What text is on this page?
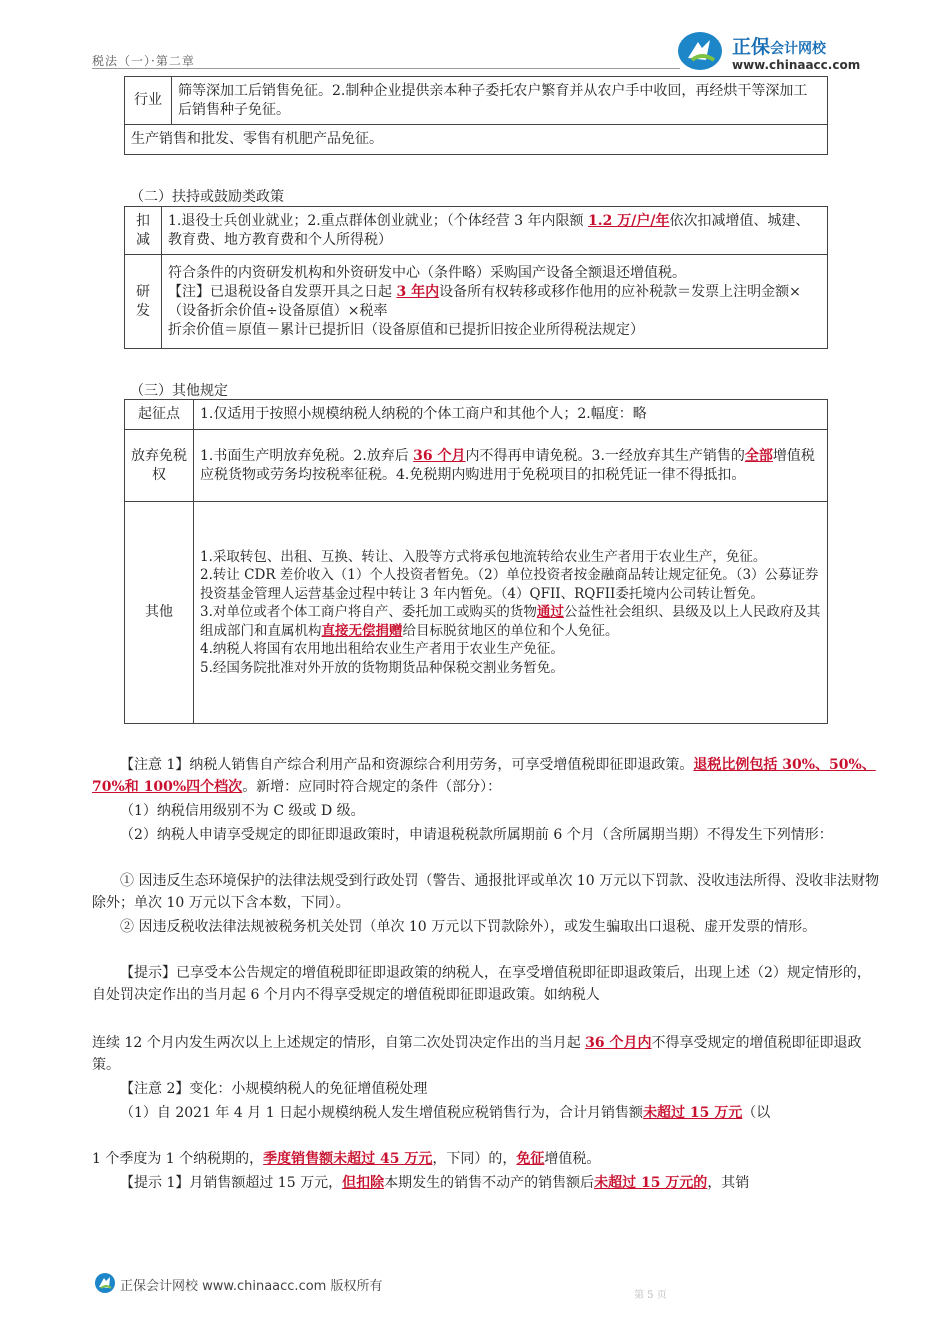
税法（一）·第二章
正保会计网校
www.chinaacc.com
行业	筛等深加工后销售免征。2.制种企业提供亲本种子委托农户繁育并从农户手中收回，再经烘干等深加工后销售种子免征。
生产销售和批发、零售有机肥产品免征。
（二）扶持或鼓励类政策
扣减	1.退役士兵创业就业；2.重点群体创业就业；（个体经营 3 年内限额 1.2 万/户/年依次扣减增值、城建、教育费、地方教育费和个人所得税）
研发	符合条件的内资研发机构和外资研发中心（条件略）采购国产设备全额退还增值税。
【注】已退税设备自发票开具之日起 3 年内设备所有权转移或移作他用的应补税款＝发票上注明金额×（设备折余价值÷设备原值）×税率
折余价值＝原值－累计已提折旧（设备原值和已提折旧按企业所得税法规定）
（三）其他规定
起征点	1.仅适用于按照小规模纳税人纳税的个体工商户和其他个人；2.幅度：略
放弃免税权	1.书面生产明放弃免税。2.放弃后 36 个月内不得再申请免税。3.一经放弃其生产销售的全部增值税应税货物或劳务均按税率征税。4.免税期内购进用于免税项目的扣税凭证一律不得抵扣。
其他	1.采取转包、出租、互换、转让、入股等方式将承包地流转给农业生产者用于农业生产，免征。
2.转让 CDR 差价收入（1）个人投资者暂免。（2）单位投资者按金融商品转让规定征免。（3）公募证券投资基金管理人运营基金过程中转让 3 年内暂免。（4）QFII、RQFII委托境内公司转让暂免。
3.对单位或者个体工商户将自产、委托加工或购买的货物通过公益性社会组织、县级及以上人民政府及其组成部门和直属机构直接无偿捐赠给目标脱贫地区的单位和个人免征。
4.纳税人将国有农用地出租给农业生产者用于农业生产免征。
5.经国务院批准对外开放的货物期货品种保税交割业务暂免。
【注意 1】纳税人销售自产综合利用产品和资源综合利用劳务，可享受增值税即征即退政策。退税比例包括 30%、50%、70%和 100%四个档次。新增：应同时符合规定的条件（部分）：
（1）纳税信用级别不为 C 级或 D 级。
（2）纳税人申请享受规定的即征即退政策时，申请退税税款所属期前 6 个月（含所属期当期）不得发生下列情形：
① 因违反生态环境保护的法律法规受到行政处罚（警告、通报批评或单次 10 万元以下罚款、没收违法所得、没收非法财物除外；单次 10 万元以下含本数，下同）。
② 因违反税收法律法规被税务机关处罚（单次 10 万元以下罚款除外），或发生骗取出口退税、虚开发票的情形。
【提示】已享受本公告规定的增值税即征即退政策的纳税人，在享受增值税即征即退政策后，出现上述（2）规定情形的，自处罚决定作出的当月起 6 个月内不得享受规定的增值税即征即退政策。如纳税人
连续 12 个月内发生两次以上上述规定的情形，自第二次处罚决定作出的当月起 36 个月内不得享受规定的增值税即征即退政策。
【注意 2】变化：小规模纳税人的免征增值税处理
（1）自 2021 年 4 月 1 日起小规模纳税人发生增值税应税销售行为，合计月销售额未超过 15 万元（以
1 个季度为 1 个纳税期的，季度销售额未超过 45 万元，下同）的，免征增值税。
【提示 1】月销售额超过 15 万元，但扣除本期发生的销售不动产的销售额后未超过 15 万元的，其销
正保会计网校 www.chinaacc.com 版权所有
第 5 页
